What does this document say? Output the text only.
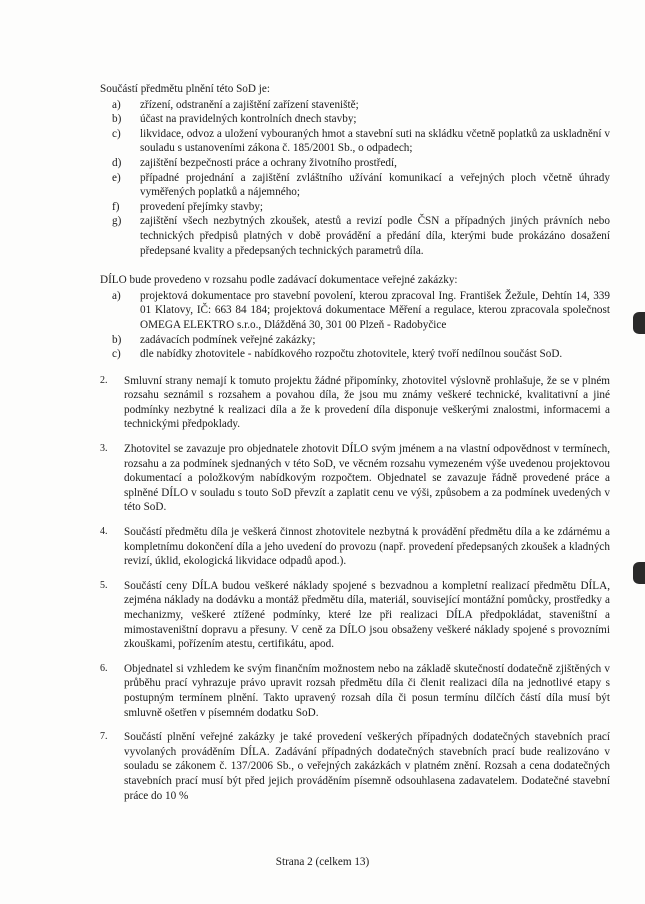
Součástí předmětu plnění této SoD je:

a)	zřízení, odstranění a zajištění zařízení staveniště;
b)	účast na pravidelných kontrolních dnech stavby;
c)	likvidace, odvoz a uložení vybouraných hmot a stavební suti na skládku včetně poplatků za uskladnění v souladu s ustanoveními zákona č. 185/2001 Sb., o odpadech;
d)	zajištění bezpečnosti práce a ochrany životního prostředí,
e)	případné projednání a zajištění zvláštního užívání komunikací a veřejných ploch včetně úhrady vyměřených poplatků a nájemného;
f)	provedení přejímky stavby;
g)	zajištění všech nezbytných zkoušek, atestů a revizí podle ČSN a případných jiných právních nebo technických předpisů platných v době provádění a předání díla, kterými bude prokázáno dosažení předepsané kvality a předepsaných technických parametrů díla.

DÍLO bude provedeno v rozsahu podle zadávací dokumentace veřejné zakázky:

a)	projektová dokumentace pro stavební povolení, kterou zpracoval Ing. František Žežule, Dehtín 14, 339 01 Klatovy, IČ: 663 84 184; projektová dokumentace Měření a regulace, kterou zpracovala společnost OMEGA ELEKTRO s.r.o., Dlážděná 30, 301 00 Plzeň - Radobyčice
b)	zadávacích podmínek veřejné zakázky;
c)	dle nabídky zhotovitele - nabídkového rozpočtu zhotovitele, který tvoří nedílnou součást SoD.
2.	Smluvní strany nemají k tomuto projektu žádné připomínky, zhotovitel výslovně prohlašuje, že se v plném rozsahu seznámil s rozsahem a povahou díla, že jsou mu známy veškeré technické, kvalitativní a jiné podmínky nezbytné k realizaci díla a že k provedení díla disponuje veškerými znalostmi, informacemi a technickými předpoklady.
3.	Zhotovitel se zavazuje pro objednatele zhotovit DÍLO svým jménem a na vlastní odpovědnost v termínech, rozsahu a za podmínek sjednaných v této SoD, ve věcném rozsahu vymezeném výše uvedenou projektovou dokumentací a položkovým nabídkovým rozpočtem. Objednatel se zavazuje řádně provedené práce a splněné DÍLO v souladu s touto SoD převzít a zaplatit cenu ve výši, způsobem a za podmínek uvedených v této SoD.
4.	Součástí předmětu díla je veškerá činnost zhotovitele nezbytná k provádění předmětu díla a ke zdárnému a kompletnímu dokončení díla a jeho uvedení do provozu (např. provedení předepsaných zkoušek a kladných revizí, úklid, ekologická likvidace odpadů apod.).
5.	Součástí ceny DÍLA budou veškeré náklady spojené s bezvadnou a kompletní realizací předmětu DÍLA, zejména náklady na dodávku a montáž předmětu díla, materiál, související montážní pomůcky, prostředky a mechanizmy, veškeré ztížené podmínky, které lze při realizaci DÍLA předpokládat, staveništní a mimostaveništní dopravu a přesuny. V ceně za DÍLO jsou obsaženy veškeré náklady spojené s provozními zkouškami, pořízením atestu, certifikátu, apod.
6.	Objednatel si vzhledem ke svým finančním možnostem nebo na základě skutečností dodatečně zjištěných v průběhu prací vyhrazuje právo upravit rozsah předmětu díla či členit realizaci díla na jednotlivé etapy s postupným termínem plnění. Takto upravený rozsah díla či posun termínu dílčích částí díla musí být smluvně ošetřen v písemném dodatku SoD.
7.	Součástí plnění veřejné zakázky je také provedení veškerých případných dodatečných stavebních prací vyvolaných prováděním DÍLA. Zadávání případných dodatečných stavebních prací bude realizováno v souladu se zákonem č. 137/2006 Sb., o veřejných zakázkách v platném znění. Rozsah a cena dodatečných stavebních prací musí být před jejich prováděním písemně odsouhlasena zadavatelem. Dodatečné stavební práce do 10 %
Strana 2 (celkem 13)
